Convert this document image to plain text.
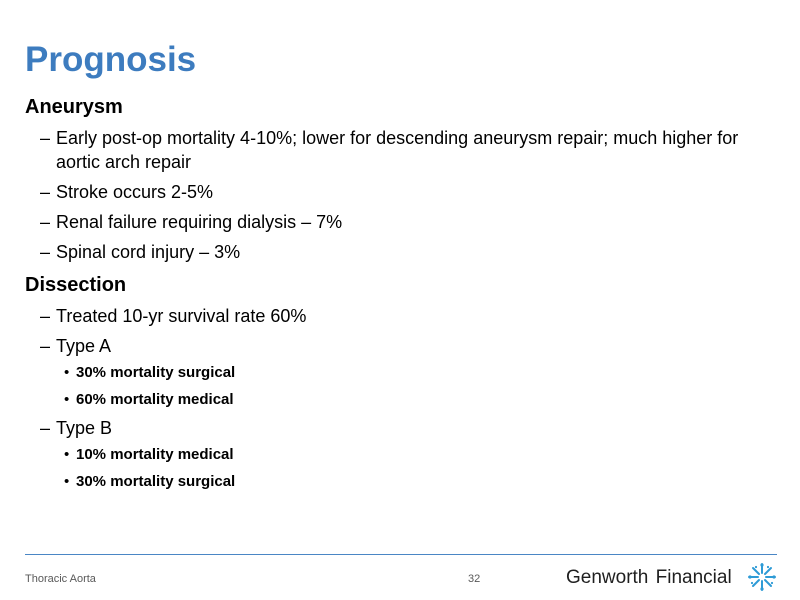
Prognosis
Aneurysm
– Early post-op mortality 4-10%; lower for descending aneurysm repair; much higher for aortic arch repair
– Stroke occurs 2-5%
– Renal failure requiring dialysis – 7%
– Spinal cord injury – 3%
Dissection
– Treated 10-yr survival rate 60%
– Type A
• 30% mortality surgical
• 60% mortality medical
– Type B
• 10% mortality medical
• 30% mortality surgical
Thoracic Aorta	32	Genworth Financial
